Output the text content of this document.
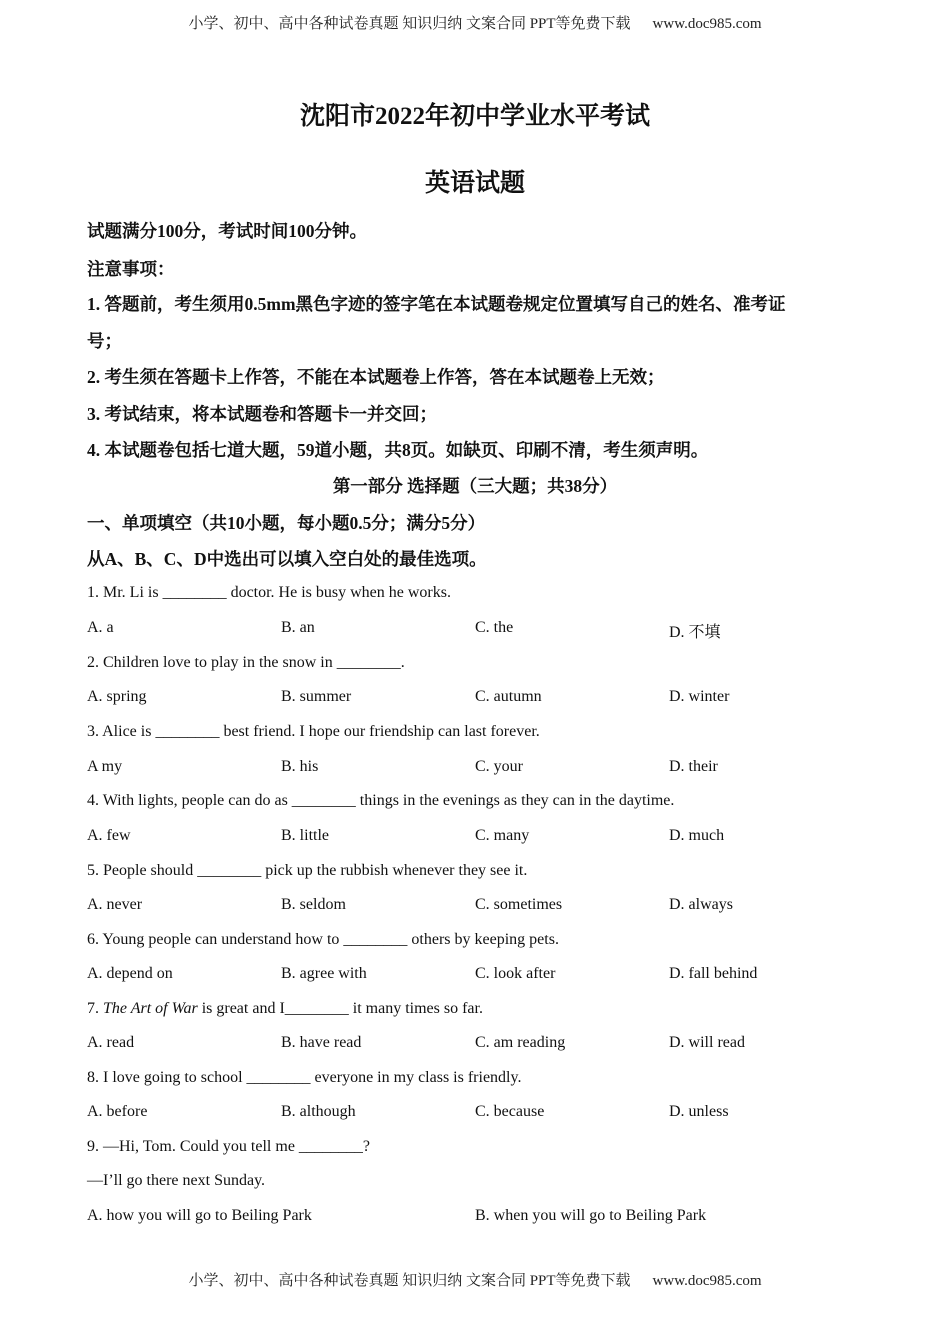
小学、初中、高中各种试卷真题 知识归纳 文案合同 PPT等免费下载 www.doc985.com
沈阳市2022年初中学业水平考试
英语试题
试题满分100分，考试时间100分钟。
注意事项：
1. 答题前，考生须用0.5mm黑色字迹的签字笔在本试题卷规定位置填写自己的姓名、准考证
号；
2. 考生须在答题卡上作答，不能在本试题卷上作答，答在本试题卷上无效；
3. 考试结束，将本试题卷和答题卡一并交回；
4. 本试题卷包括七道大题，59道小题，共8页。如缺页、印刷不清，考生须声明。
第一部分 选择题（三大题；共38分）
一、单项填空（共10小题，每小题0.5分；满分5分）
从A、B、C、D中选出可以填入空白处的最佳选项。
1. Mr. Li is ________ doctor. He is busy when he works.
A. a	B. an	C. the	D. 不填
2. Children love to play in the snow in ________.
A. spring	B. summer	C. autumn	D. winter
3. Alice is ________ best friend. I hope our friendship can last forever.
A my	B. his	C. your	D. their
4. With lights, people can do as ________ things in the evenings as they can in the daytime.
A. few	B. little	C. many	D. much
5. People should ________ pick up the rubbish whenever they see it.
A. never	B. seldom	C. sometimes	D. always
6. Young people can understand how to ________ others by keeping pets.
A. depend on	B. agree with	C. look after	D. fall behind
7. The Art of War is great and I________ it many times so far.
A. read	B. have read	C. am reading	D. will read
8. I love going to school ________ everyone in my class is friendly.
A. before	B. although	C. because	D. unless
9. —Hi, Tom. Could you tell me ________?
—I’ll go there next Sunday.
A. how you will go to Beiling Park	B. when you will go to Beiling Park
小学、初中、高中各种试卷真题 知识归纳 文案合同 PPT等免费下载 www.doc985.com
